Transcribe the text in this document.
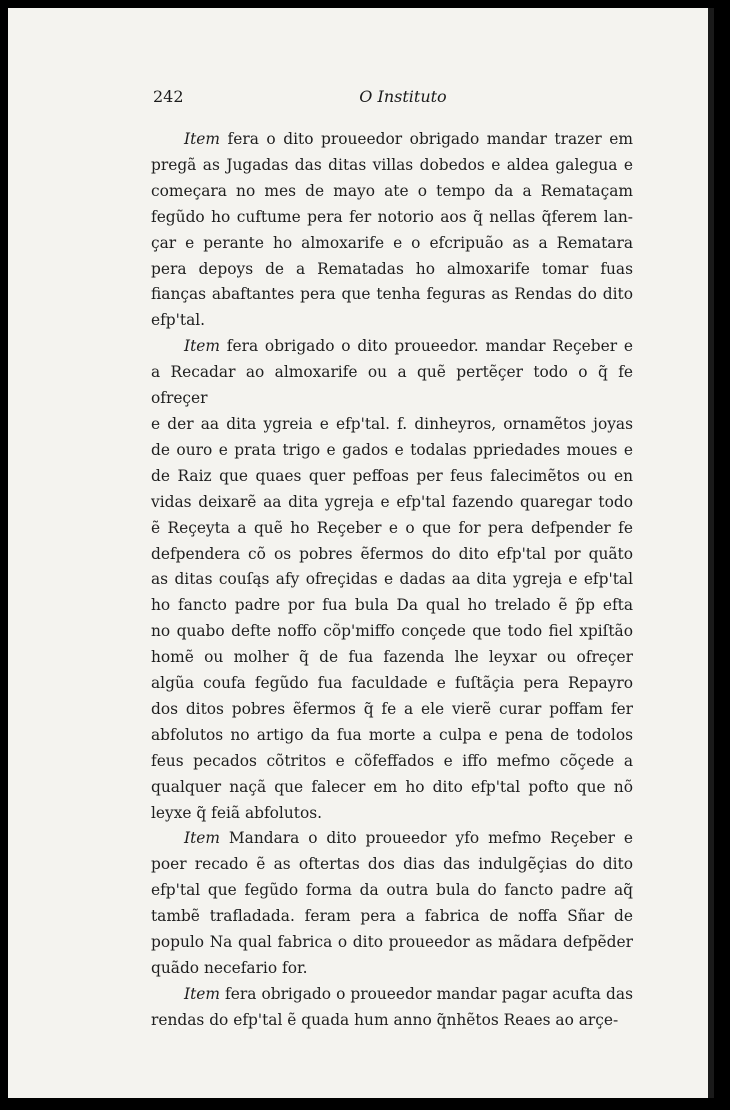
242	O Instituto
Item fera o dito proueedor obrigado mandar trazer em
pregã as Jugadas das ditas villas dobedos e aldea galegua e
começara no mes de mayo ate o tempo da a Remataçam
fegũdo ho cuftume pera fer notorio aos q̃ nellas q̃ferem lan-
çar e perante ho almoxarife e o efcripuão as a Rematara
pera depoys de a Rematadas ho almoxarife tomar fuas
fianças abaftantes pera que tenha feguras as Rendas do dito
efp'tal.
Item fera obrigado o dito proueedor. mandar Reçeber e
a Recadar ao almoxarife ou a quẽ pertẽçer todo o q̃ fe ofreçer
e der aa dita ygreia e efp'tal. f. dinheyros, ornamẽtos joyas
de ouro e prata trigo e gados e todalas ppriedades moues e
de Raiz que quaes quer peffoas per feus falecimẽtos ou en
vidas deixarẽ aa dita ygreja e efp'tal fazendo quaregar todo
ẽ Reçeyta a quẽ ho Reçeber e o que for pera defpender fe
defpendera cõ os pobres ẽfermos do dito efp'tal por quãto
as ditas couſąs afy ofreçidas e dadas aa dita ygreja e efp'tal
ho fancto padre por fua bula Da qual ho trelado ẽ p̃p efta
no quabo defte noffo cõp'miffo conçede que todo fiel xpiſtão
homẽ ou molher q̃ de fua fazenda lhe leyxar ou ofreçer
algũa coufa fegũdo fua faculdade e fuſtãçia pera Repayro
dos ditos pobres ẽfermos q̃ fe a ele vierẽ curar poffam fer
abfolutos no artigo da fua morte a culpa e pena de todolos
feus pecados cõtritos e cõfeffados e iffo mefmo cõçede a
qualquer naçã que falecer em ho dito efp'tal pofto que nõ
leyxe q̃ feiã abfolutos.
Item Mandara o dito proueedor yfo mefmo Reçeber e
poer recado ẽ as oftertas dos dias das indulgẽçias do dito
efp'tal que fegũdo forma da outra bula do fancto padre aq̃
tambẽ trafladada. feram pera a fabrica de noffa Sñar de
populo Na qual fabrica o dito proueedor as mãdara defpẽder
quãdo necefario for.
Item fera obrigado o proueedor mandar pagar acufta das
rendas do efp'tal ẽ quada hum anno q̃nhẽtos Reaes ao arçe-
